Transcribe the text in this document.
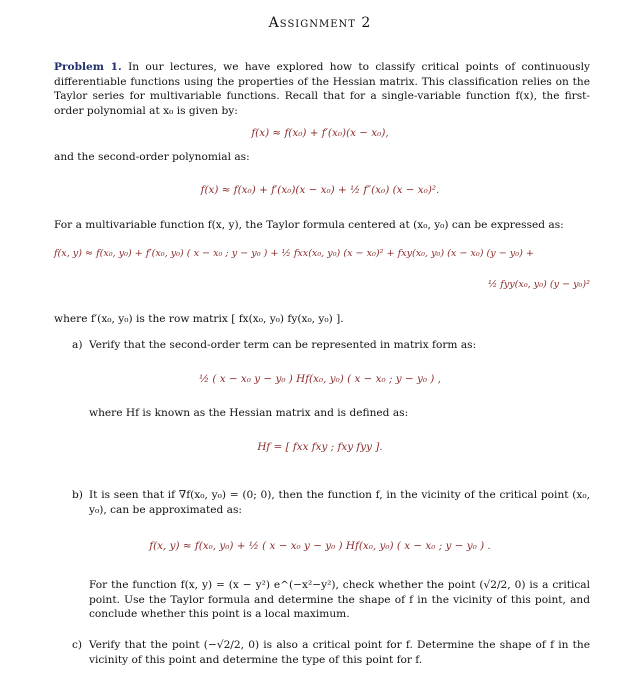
Assignment 2
Problem 1. In our lectures, we have explored how to classify critical points of continuously differentiable functions using the properties of the Hessian matrix. This classification relies on the Taylor series for multivariable functions. Recall that for a single-variable function f(x), the first-order polynomial at x₀ is given by:
f(x) ≈ f(x₀) + f′(x₀)(x − x₀),
and the second-order polynomial as:
f(x) ≈ f(x₀) + f′(x₀)(x − x₀) + ½ f″(x₀) (x − x₀)².
For a multivariable function f(x, y), the Taylor formula centered at (x₀, y₀) can be expressed as:
f(x, y) ≈ f(x₀, y₀) + f′(x₀, y₀) ( x − x₀ ; y − y₀ ) + ½ fxx(x₀, y₀) (x − x₀)² + fxy(x₀, y₀) (x − x₀) (y − y₀) +
½ fyy(x₀, y₀) (y − y₀)²
where f′(x₀, y₀) is the row matrix [ fx(x₀, y₀) fy(x₀, y₀) ].
a) Verify that the second-order term can be represented in matrix form as:
½ ( x − x₀ y − y₀ ) Hf(x₀, y₀) ( x − x₀ ; y − y₀ ) ,
where Hf is known as the Hessian matrix and is defined as:
Hf = [ fxx fxy ; fxy fyy ].
b) It is seen that if ∇f(x₀, y₀) = (0; 0), then the function f, in the vicinity of the critical point (x₀, y₀), can be approximated as:
f(x, y) ≈ f(x₀, y₀) + ½ ( x − x₀ y − y₀ ) Hf(x₀, y₀) ( x − x₀ ; y − y₀ ) .
For the function f(x, y) = (x − y²) e^(−x²−y²), check whether the point (√2/2, 0) is a critical point. Use the Taylor formula and determine the shape of f in the vicinity of this point, and conclude whether this point is a local maximum.
c) Verify that the point (−√2/2, 0) is also a critical point for f. Determine the shape of f in the vicinity of this point and determine the type of this point for f.
